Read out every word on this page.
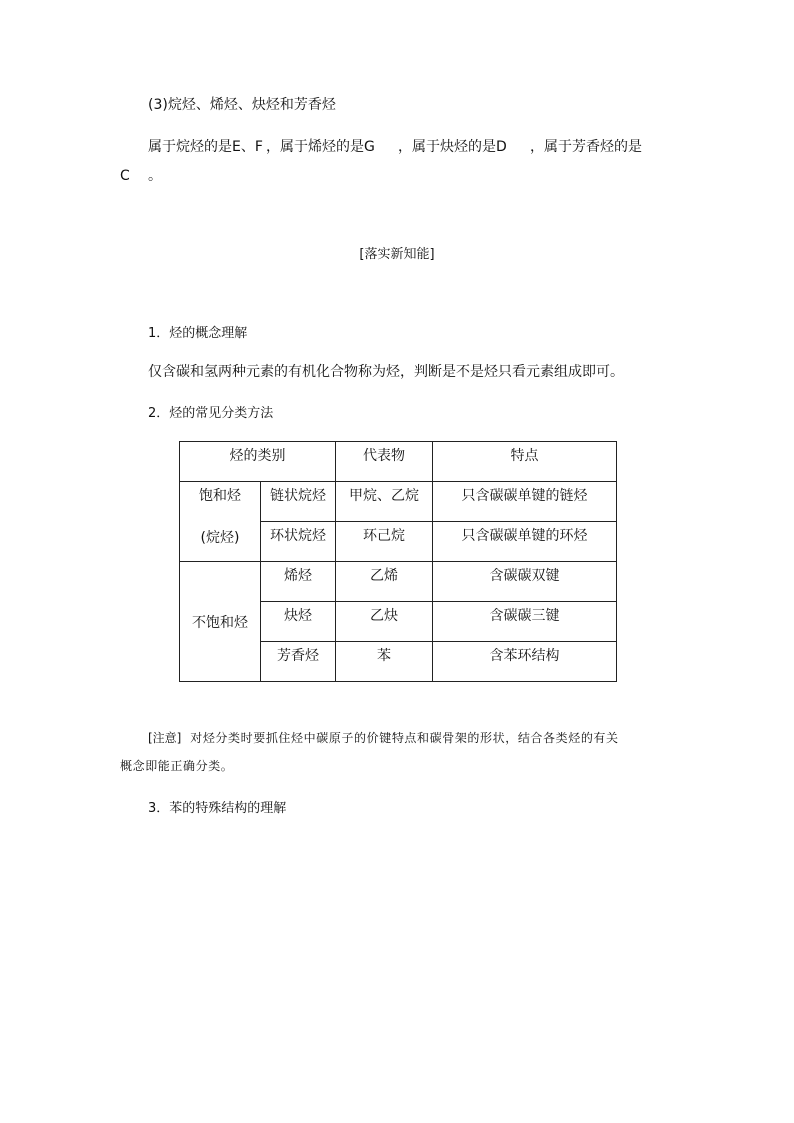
(3)烷烃、烯烃、炔烃和芳香烃
属于烷烃的是E、F ，属于烯烃的是G ，属于炔烃的是D ，属于芳香烃的是
C 。
[落实新知能]
1．烃的概念理解
仅含碳和氢两种元素的有机化合物称为烃，判断是不是烃只看元素组成即可。
2．烃的常见分类方法
烃的类别		代表物	特点

饱和烃
(烷烃)	链状烷烃	甲烷、乙烷	只含碳碳单键的链烃
	环状烷烃	环己烷	只含碳碳单键的环烃
不饱和烃	烯烃	乙烯	含碳碳双键
	炔烃	乙炔	含碳碳三键
	芳香烃	苯	含苯环结构
[注意] 对烃分类时要抓住烃中碳原子的价键特点和碳骨架的形状，结合各类烃的有关
概念即能正确分类。
3．苯的特殊结构的理解
